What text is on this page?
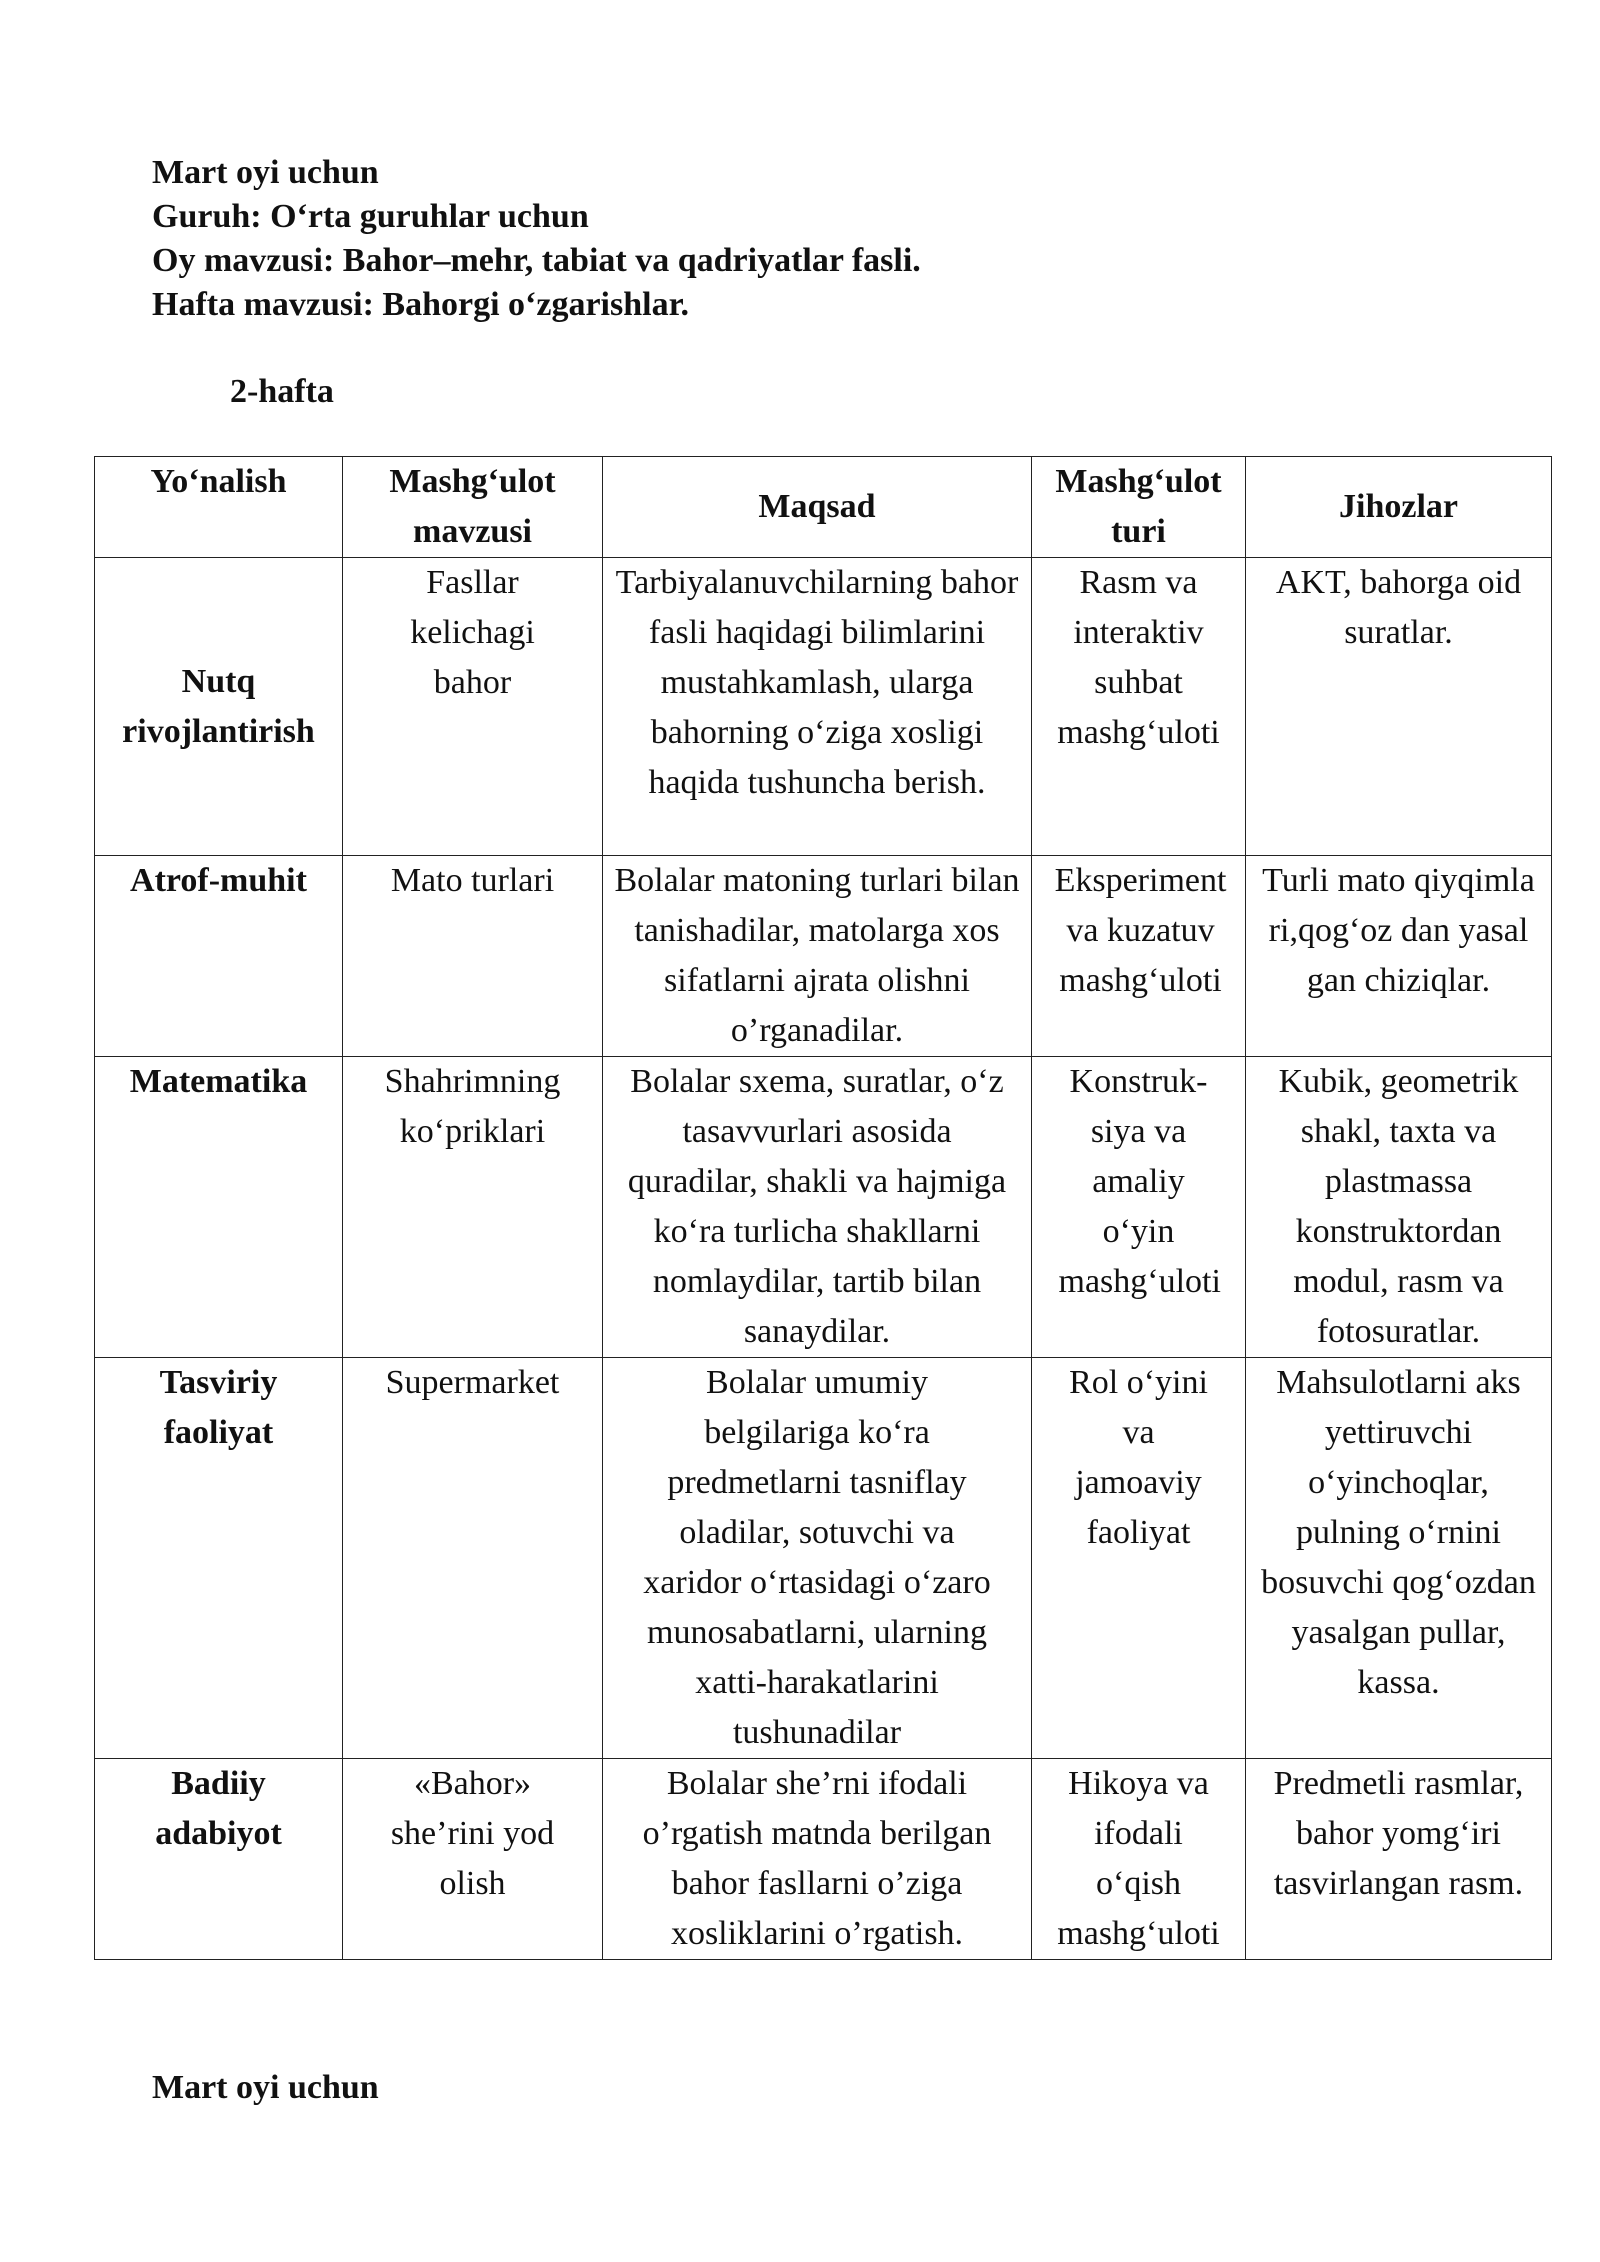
Mart oyi uchun
Guruh: O‘rta guruhlar uchun
Oy mavzusi: Bahor–mehr, tabiat va qadriyatlar fasli.
Hafta mavzusi: Bahorgi o‘zgarishlar.
2-hafta
Yo‘nalish	Mashg‘ulot mavzusi	Maqsad	Mashg‘ulot turi	Jihozlar
Nutq rivojlantirish	Fasllar kelichagi bahor	Tarbiyalanuvchilarning bahor fasli haqidagi bilimlarini mustahkamlash, ularga bahorning o‘ziga xosligi haqida tushuncha berish.	Rasm va interaktiv suhbat mashg‘uloti	AKT, bahorga oid suratlar.
Atrof-muhit	Mato turlari	Bolalar matoning turlari bilan tanishadilar, matolarga xos sifatlarni ajrata olishni o’rganadilar.	Eksperiment va kuzatuv mashg‘uloti	Turli mato qiyqimlari,qog‘oz dan yasalgan chiziqlar.

Matematika	Shahrimning ko‘priklari	Bolalar sxema, suratlar, o‘z tasavvurlari asosida quradilar, shakli va hajmiga ko‘ra turlicha shakllarni nomlaydilar, tartib bilan sanaydilar.	Konstruk-siya va amaliy o‘yin mashg‘uloti	Kubik, geometrik shakl, taxta va plastmassa konstruktordan modul, rasm va fotosuratlar.

Tasviriy faoliyat	Supermarket	Bolalar umumiy belgilariga ko‘ra predmetlarni tasniflay oladilar, sotuvchi va xaridor o‘rtasidagi o‘zaro munosabatlarni, ularning xatti-harakatlarini tushunadilar	Rol o‘yini va jamoaviy faoliyat	Mahsulotlarni aks yettiruvchi o‘yinchoqlar, pulning o‘rnini bosuvchi qog‘ozdan yasalgan pullar, kassa.

Badiiy adabiyot	«Bahor» she’rini yod olish	Bolalar she’rni ifodali o’rgatish matnda berilgan bahor fasllarni o’ziga xosliklarini o’rgatish.	Hikoya va ifodali o‘qish mashg‘uloti	Predmetli rasmlar, bahor yomg‘iri tasvirlangan rasm.
Mart oyi uchun
